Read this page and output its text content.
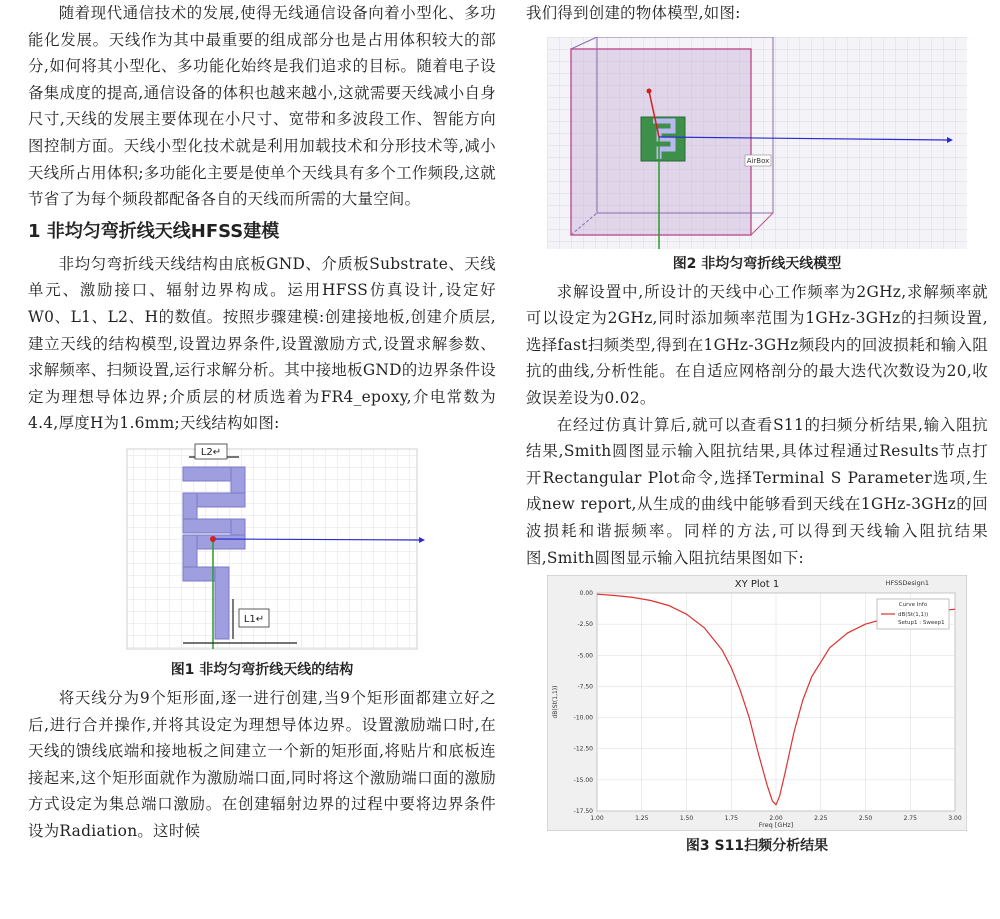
随着现代通信技术的发展,使得无线通信设备向着小型化、多功能化发展。天线作为其中最重要的组成部分也是占用体积较大的部分,如何将其小型化、多功能化始终是我们追求的目标。随着电子设备集成度的提高,通信设备的体积也越来越小,这就需要天线减小自身尺寸,天线的发展主要体现在小尺寸、宽带和多波段工作、智能方向图控制方面。天线小型化技术就是利用加载技术和分形技术等,减小天线所占用体积;多功能化主要是使单个天线具有多个工作频段,这就节省了为每个频段都配备各自的天线而所需的大量空间。

1 非均匀弯折线天线HFSS建模

非均匀弯折线天线结构由底板GND、介质板Substrate、天线单元、激励接口、辐射边界构成。运用HFSS仿真设计,设定好W0、L1、L2、H的数值。按照步骤建模:创建接地板,创建介质层,建立天线的结构模型,设置边界条件,设置激励方式,设置求解参数、求解频率、扫频设置,运行求解分析。其中接地板GND的边界条件设定为理想导体边界;介质层的材质选着为FR4_epoxy,介电常数为4.4,厚度H为1.6mm;天线结构如图:

L2↵
L1↵
图1 非均匀弯折线天线的结构

将天线分为9个矩形面,逐一进行创建,当9个矩形面都建立好之后,进行合并操作,并将其设定为理想导体边界。设置激励端口时,在天线的馈线底端和接地板之间建立一个新的矩形面,将贴片和底板连接起来,这个矩形面就作为激励端口面,同时将这个激励端口面的激励方式设定为集总端口激励。在创建辐射边界的过程中要将边界条件设为Radiation。这时候

我们得到创建的物体模型,如图:

AirBox
图2 非均匀弯折线天线模型

求解设置中,所设计的天线中心工作频率为2GHz,求解频率就可以设定为2GHz,同时添加频率范围为1GHz-3GHz的扫频设置,选择fast扫频类型,得到在1GHz-3GHz频段内的回波损耗和输入阻抗的曲线,分析性能。在自适应网格剖分的最大迭代次数设为20,收敛误差设为0.02。

在经过仿真计算后,就可以查看S11的扫频分析结果,输入阻抗结果,Smith圆图显示输入阻抗结果,具体过程通过Results节点打开Rectangular Plot命令,选择Terminal S Parameter选项,生成new report,从生成的曲线中能够看到天线在1GHz-3GHz的回波损耗和谐振频率。同样的方法,可以得到天线输入阻抗结果图,Smith圆图显示输入阻抗结果图如下:

XY Plot 1	HFSSDesign1
1.00	1.25	1.50	1.75	2.00	2.25	2.50	2.75	3.00
0.00
-2.50
-5.00
-7.50
-10.00
-12.50
-15.00
-17.50
Curve Info
dB(St(1,1))
Setup1 : Sweep1
dB(St(1,1))
Freq [GHz]
图3 S11扫频分析结果
